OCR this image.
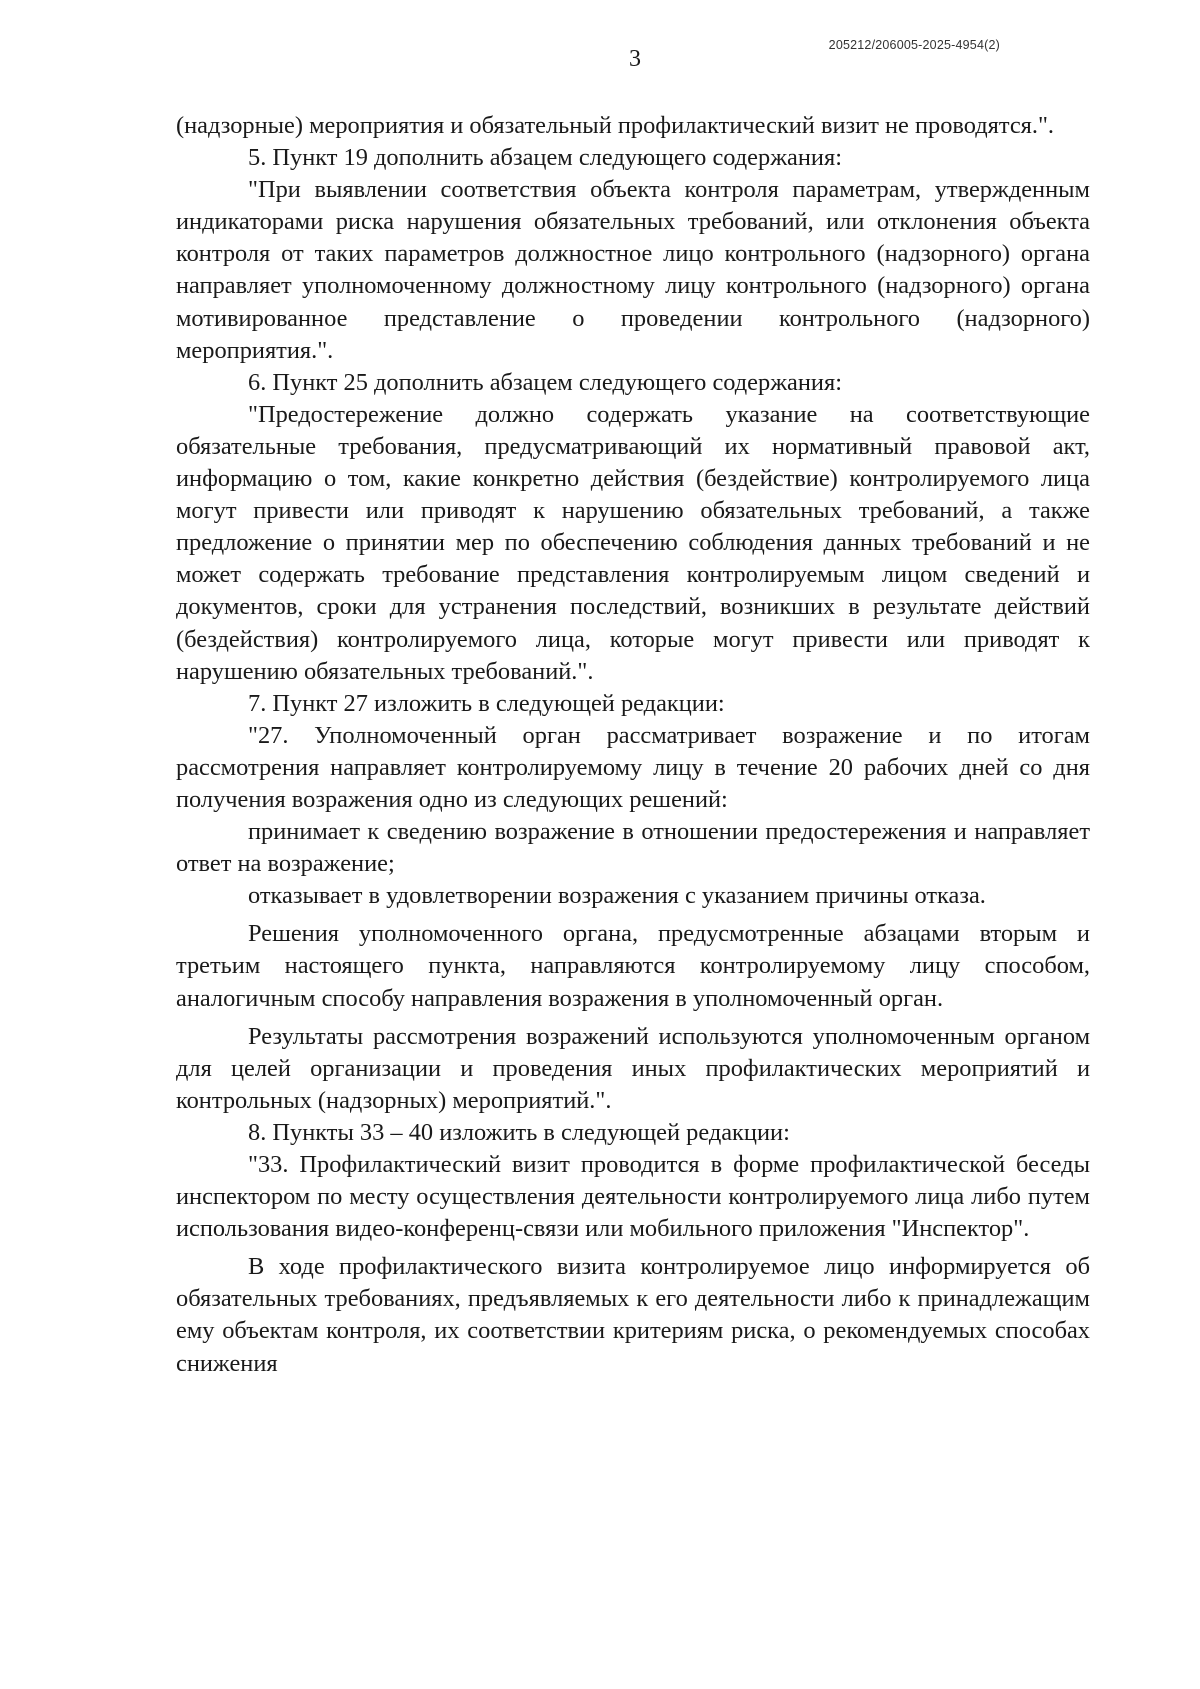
3
205212/206005-2025-4954(2)

(надзорные) мероприятия и обязательный профилактический визит не проводятся.".

5. Пункт 19 дополнить абзацем следующего содержания:

"При выявлении соответствия объекта контроля параметрам, утвержденным индикаторами риска нарушения обязательных требований, или отклонения объекта контроля от таких параметров должностное лицо контрольного (надзорного) органа направляет уполномоченному должностному лицу контрольного (надзорного) органа мотивированное представление о проведении контрольного (надзорного) мероприятия.".

6. Пункт 25 дополнить абзацем следующего содержания:

"Предостережение должно содержать указание на соответствующие обязательные требования, предусматривающий их нормативный правовой акт, информацию о том, какие конкретно действия (бездействие) контролируемого лица могут привести или приводят к нарушению обязательных требований, а также предложение о принятии мер по обеспечению соблюдения данных требований и не может содержать требование представления контролируемым лицом сведений и документов, сроки для устранения последствий, возникших в результате действий (бездействия) контролируемого лица, которые могут привести или приводят к нарушению обязательных требований.".

7. Пункт 27 изложить в следующей редакции:

"27. Уполномоченный орган рассматривает возражение и по итогам рассмотрения направляет контролируемому лицу в течение 20 рабочих дней со дня получения возражения одно из следующих решений:

принимает к сведению возражение в отношении предостережения и направляет ответ на возражение;

отказывает в удовлетворении возражения с указанием причины отказа.

Решения уполномоченного органа, предусмотренные абзацами вторым и третьим настоящего пункта, направляются контролируемому лицу способом, аналогичным способу направления возражения в уполномоченный орган.

Результаты рассмотрения возражений используются уполномоченным органом для целей организации и проведения иных профилактических мероприятий и контрольных (надзорных) мероприятий.".

8. Пункты 33 – 40 изложить в следующей редакции:

"33. Профилактический визит проводится в форме профилактической беседы инспектором по месту осуществления деятельности контролируемого лица либо путем использования видео-конференц-связи или мобильного приложения "Инспектор".

В ходе профилактического визита контролируемое лицо информируется об обязательных требованиях, предъявляемых к его деятельности либо к принадлежащим ему объектам контроля, их соответствии критериям риска, о рекомендуемых способах снижения
